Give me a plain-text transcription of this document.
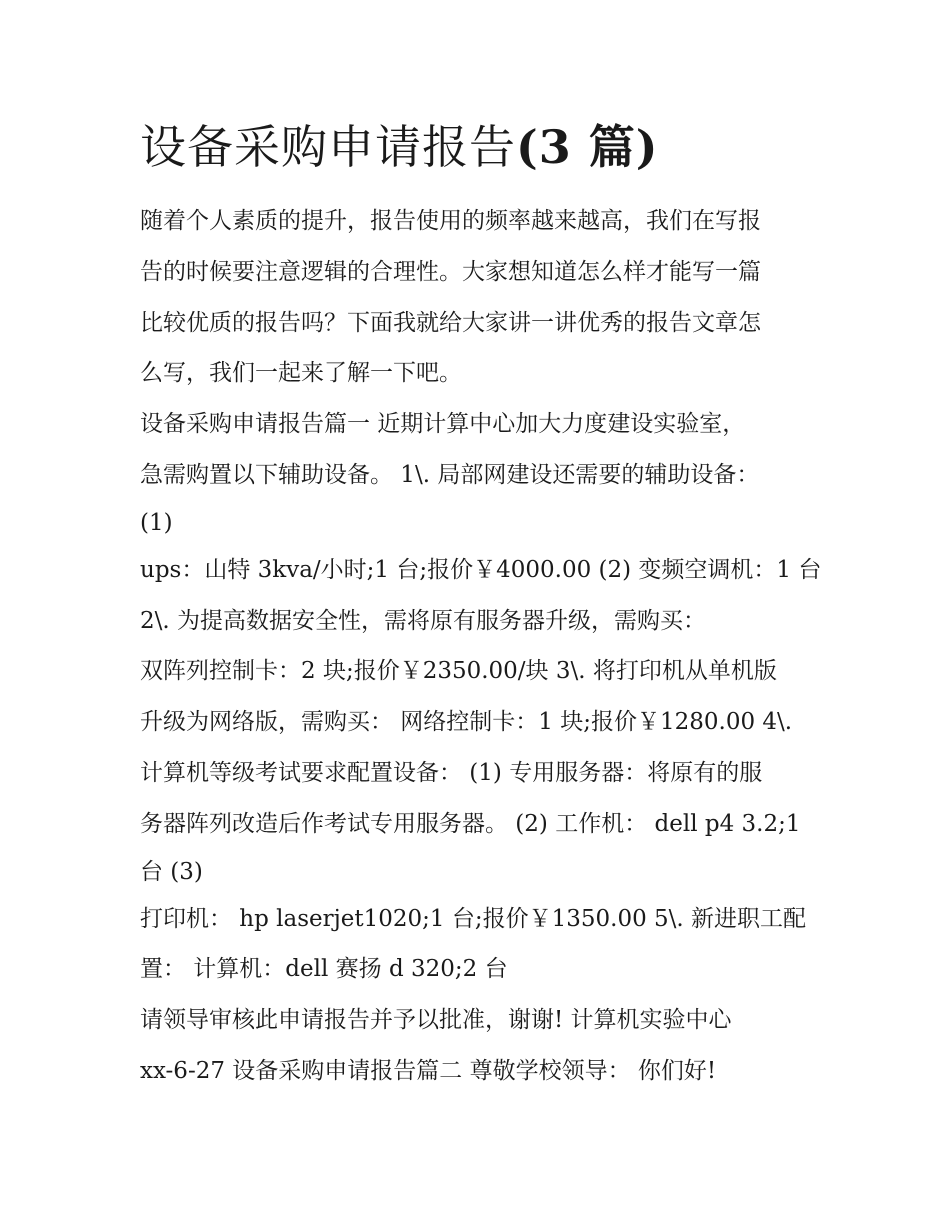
设备采购申请报告(3 篇)

随着个人素质的提升，报告使用的频率越来越高，我们在写报

告的时候要注意逻辑的合理性。大家想知道怎么样才能写一篇

比较优质的报告吗？下面我就给大家讲一讲优秀的报告文章怎

么写，我们一起来了解一下吧。

设备采购申请报告篇一 近期计算中心加大力度建设实验室，

急需购置以下辅助设备。 1\. 局部网建设还需要的辅助设备：

(1)

ups：山特 3kva/小时;1 台;报价￥4000.00 (2) 变频空调机：1 台

2\. 为提高数据安全性，需将原有服务器升级，需购买：

双阵列控制卡：2 块;报价￥2350.00/块 3\. 将打印机从单机版

升级为网络版，需购买： 网络控制卡：1 块;报价￥1280.00 4\.

计算机等级考试要求配置设备： (1) 专用服务器：将原有的服

务器阵列改造后作考试专用服务器。 (2) 工作机： dell p4 3.2;1

台 (3)

打印机： hp laserjet1020;1 台;报价￥1350.00 5\. 新进职工配

置： 计算机：dell 赛扬 d 320;2 台

请领导审核此申请报告并予以批准，谢谢! 计算机实验中心

xx-6-27 设备采购申请报告篇二 尊敬学校领导： 你们好!
